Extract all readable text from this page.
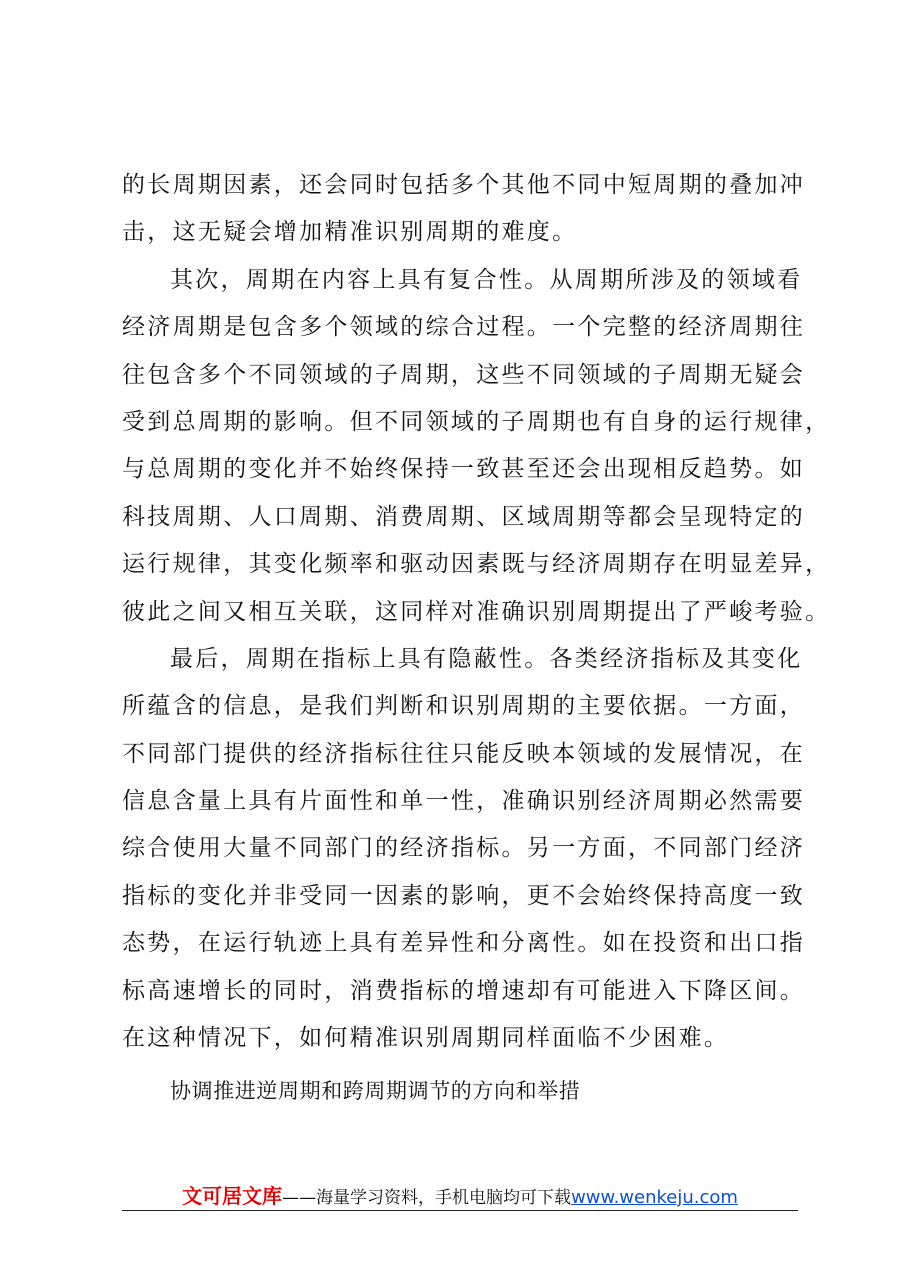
的长周期因素，还会同时包括多个其他不同中短周期的叠加冲
击，这无疑会增加精准识别周期的难度。
其次，周期在内容上具有复合性。从周期所涉及的领域看
经济周期是包含多个领域的综合过程。一个完整的经济周期往
往包含多个不同领域的子周期，这些不同领域的子周期无疑会
受到总周期的影响。但不同领域的子周期也有自身的运行规律，
与总周期的变化并不始终保持一致甚至还会出现相反趋势。如
科技周期、人口周期、消费周期、区域周期等都会呈现特定的
运行规律，其变化频率和驱动因素既与经济周期存在明显差异，
彼此之间又相互关联，这同样对准确识别周期提出了严峻考验。
最后，周期在指标上具有隐蔽性。各类经济指标及其变化
所蕴含的信息，是我们判断和识别周期的主要依据。一方面，
不同部门提供的经济指标往往只能反映本领域的发展情况，在
信息含量上具有片面性和单一性，准确识别经济周期必然需要
综合使用大量不同部门的经济指标。另一方面，不同部门经济
指标的变化并非受同一因素的影响，更不会始终保持高度一致
态势，在运行轨迹上具有差异性和分离性。如在投资和出口指
标高速增长的同时，消费指标的增速却有可能进入下降区间。
在这种情况下，如何精准识别周期同样面临不少困难。
协调推进逆周期和跨周期调节的方向和举措
文可居文库——海量学习资料，手机电脑均可下载www.wenkeju.com
